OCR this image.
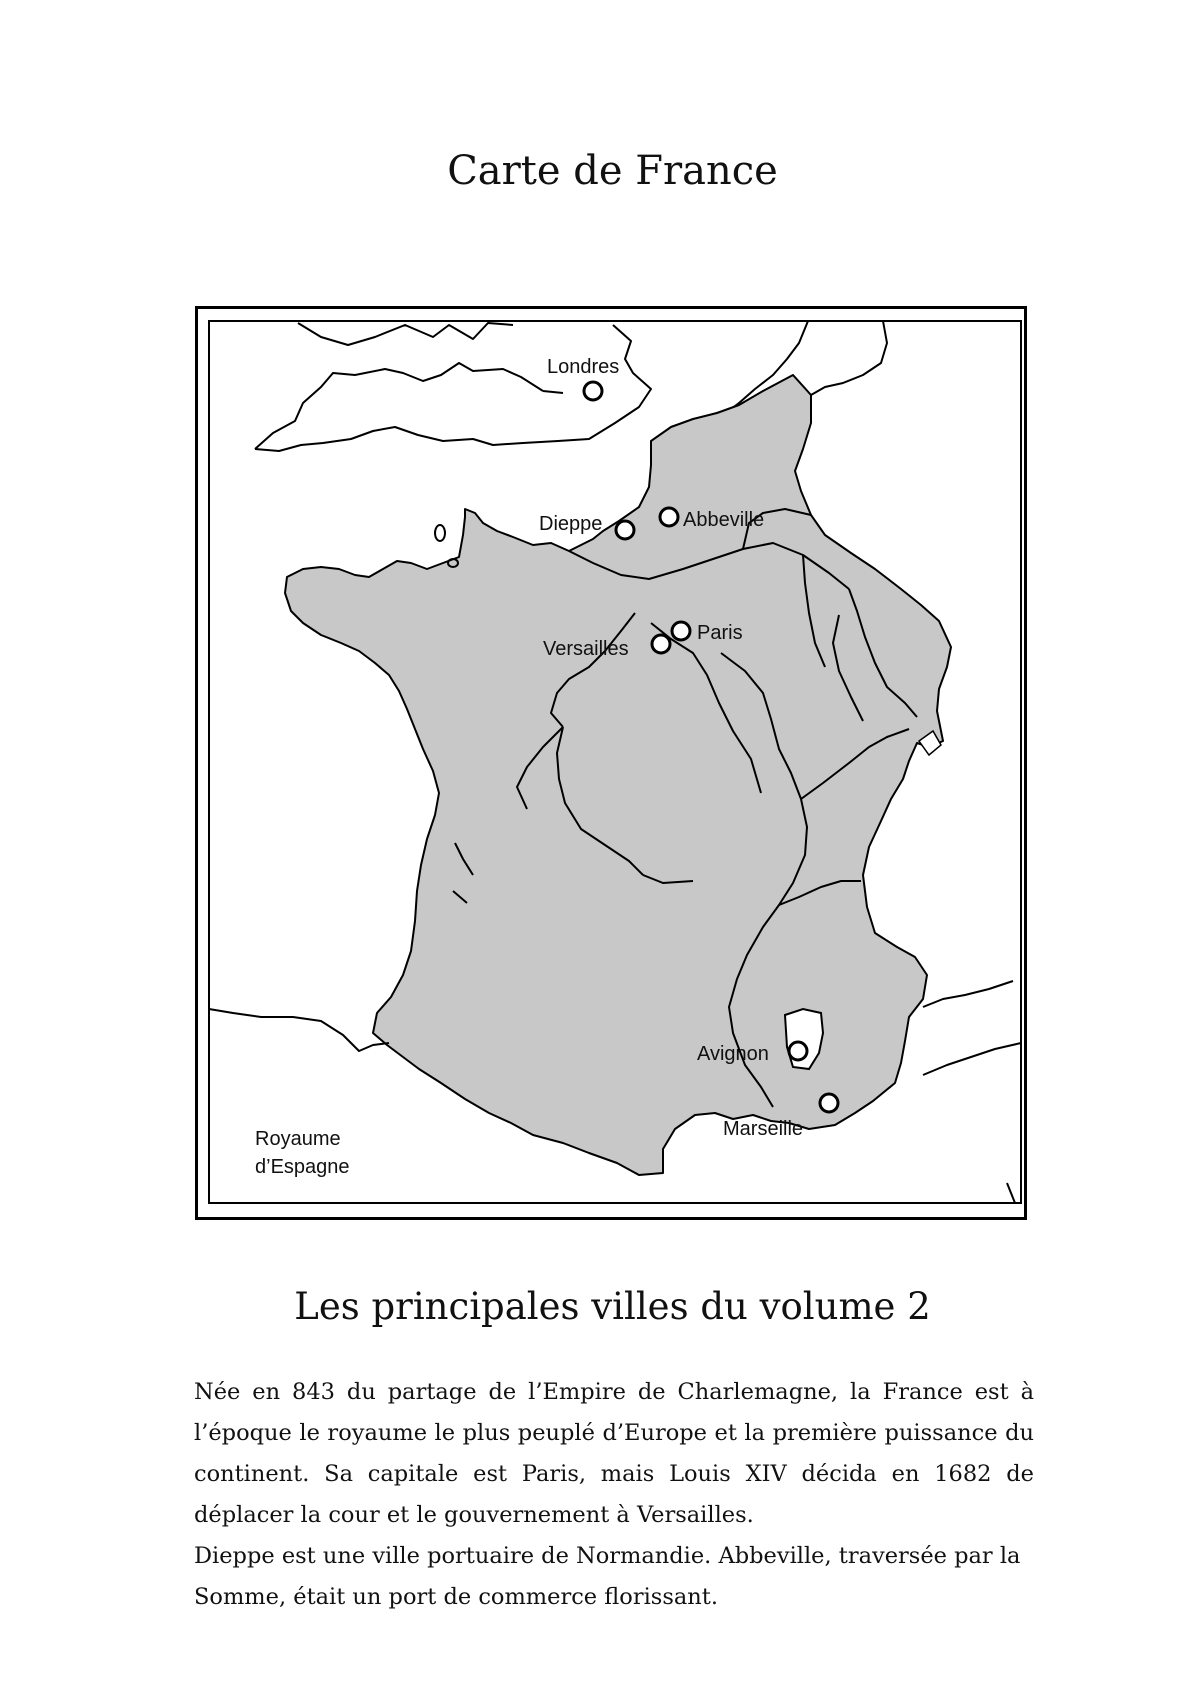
Carte de France
Londres
Dieppe	Abbeville
Paris
Versailles
Avignon
Marseille
Royaume
d’Espagne
Les principales villes du volume 2

Née en 843 du partage de l’Empire de Charlemagne, la France est à l’époque le royaume le plus peuplé d’Europe et la première puissance du continent. Sa capitale est Paris, mais Louis XIV décida en 1682 de déplacer la cour et le gouvernement à Versailles.

Dieppe est une ville portuaire de Normandie. Abbeville, traversée par la Somme, était un port de commerce florissant.
